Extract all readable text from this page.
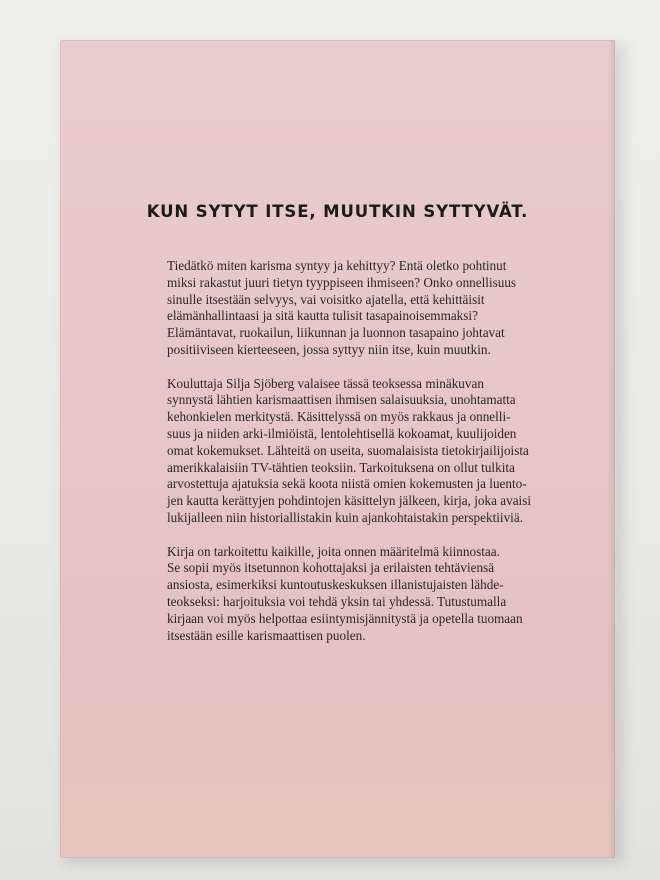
KUN SYTYT ITSE, MUUTKIN SYTTYVÄT.

Tiedätkö miten karisma syntyy ja kehittyy? Entä oletko pohtinut
miksi rakastut juuri tietyn tyyppiseen ihmiseen? Onko onnellisuus
sinulle itsestään selvyys, vai voisitko ajatella, että kehittäisit
elämänhallintaasi ja sitä kautta tulisit tasapainoisemmaksi?
Elämäntavat, ruokailun, liikunnan ja luonnon tasapaino johtavat
positiiviseen kierteeseen, jossa syttyy niin itse, kuin muutkin.

Kouluttaja Silja Sjöberg valaisee tässä teoksessa minäkuvan
synnystä lähtien karismaattisen ihmisen salaisuuksia, unohtamatta
kehonkielen merkitystä. Käsittelyssä on myös rakkaus ja onnelli-
suus ja niiden arki-ilmiöistä, lentolehtisellä kokoamat, kuulijoiden
omat kokemukset. Lähteitä on useita, suomalaisista tietokirjailijoista
amerikkalaisiin TV-tähtien teoksiin. Tarkoituksena on ollut tulkita
arvostettuja ajatuksia sekä koota niistä omien kokemusten ja luento-
jen kautta kerättyjen pohdintojen käsittelyn jälkeen, kirja, joka avaisi
lukijalleen niin historiallistakin kuin ajankohtaistakin perspektiiviä.

Kirja on tarkoitettu kaikille, joita onnen määritelmä kiinnostaa.
Se sopii myös itsetunnon kohottajaksi ja erilaisten tehtäviensä
ansiosta, esimerkiksi kuntoutuskeskuksen illanistujaisten lähde-
teokseksi: harjoituksia voi tehdä yksin tai yhdessä. Tutustumalla
kirjaan voi myös helpottaa esiintymisjännitystä ja opetella tuomaan
itsestään esille karismaattisen puolen.
